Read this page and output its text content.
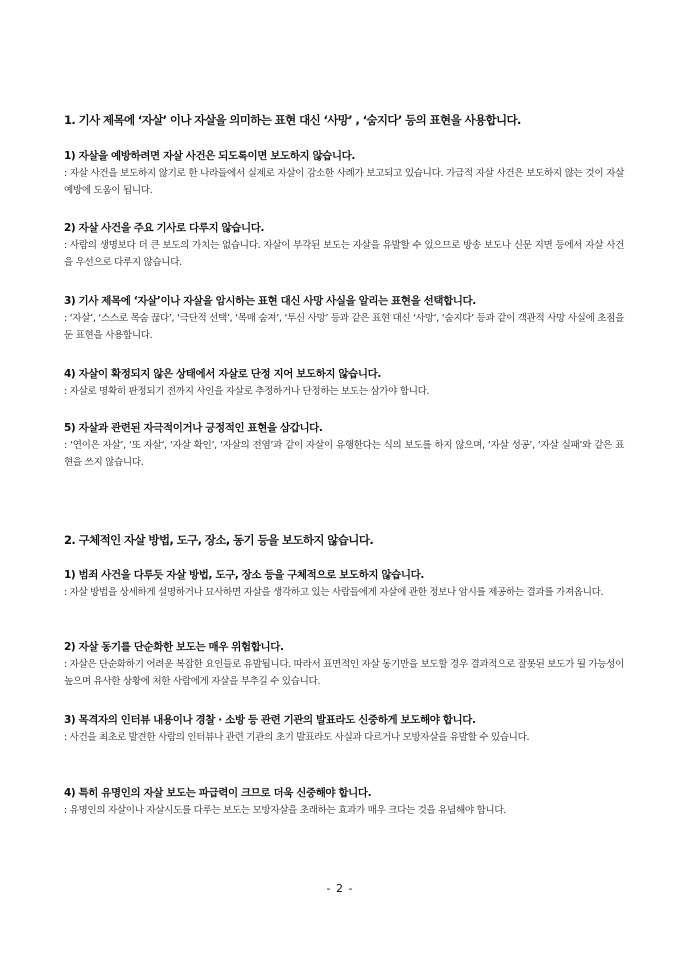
1. 기사 제목에 ‘자살’ 이나 자살을 의미하는 표현 대신 ‘사망’ , ‘숨지다’ 등의 표현을 사용합니다.
1) 자살을 예방하려면 자살 사건은 되도록이면 보도하지 않습니다.
: 자살 사건을 보도하지 않기로 한 나라들에서 실제로 자살이 감소한 사례가 보고되고 있습니다. 가급적 자살 사건은 보도하지 않는 것이 자살예방에 도움이 됩니다.
2) 자살 사건을 주요 기사로 다루지 않습니다.
: 사람의 생명보다 더 큰 보도의 가치는 없습니다. 자살이 부각된 보도는 자살을 유발할 수 있으므로 방송 보도나 신문 지면 등에서 자살 사건을 우선으로 다루지 않습니다.
3) 기사 제목에 ‘자살’이나 자살을 암시하는 표현 대신 사망 사실을 알리는 표현을 선택합니다.
: ‘자살’, ‘스스로 목숨 끊다’, ‘극단적 선택’, ‘목매 숨져’, ‘투신 사망’ 등과 같은 표현 대신 ‘사망’, ‘숨지다’ 등과 같이 객관적 사망 사실에 초점을 둔 표현을 사용합니다.
4) 자살이 확정되지 않은 상태에서 자살로 단정 지어 보도하지 않습니다.
: 자살로 명확히 판정되기 전까지 사인을 자살로 추정하거나 단정하는 보도는 삼가야 합니다.
5) 자살과 관련된 자극적이거나 긍정적인 표현을 삼갑니다.
: ‘연이은 자살’, ‘또 자살’, ‘자살 확인’, ‘자살의 전염’과 같이 자살이 유행한다는 식의 보도를 하지 않으며, ‘자살 성공’, ‘자살 실패’와 같은 표현을 쓰지 않습니다.
2. 구체적인 자살 방법, 도구, 장소, 동기 등을 보도하지 않습니다.
1) 범죄 사건을 다루듯 자살 방법, 도구, 장소 등을 구체적으로 보도하지 않습니다.
: 자살 방법을 상세하게 설명하거나 묘사하면 자살을 생각하고 있는 사람들에게 자살에 관한 정보나 암시를 제공하는 결과를 가져옵니다.
2) 자살 동기를 단순화한 보도는 매우 위험합니다.
: 자살은 단순화하기 어려운 복잡한 요인들로 유발됩니다. 따라서 표면적인 자살 동기만을 보도할 경우 결과적으로 잘못된 보도가 될 가능성이 높으며 유사한 상황에 처한 사람에게 자살을 부추길 수 있습니다.
3) 목격자의 인터뷰 내용이나 경찰 · 소방 등 관련 기관의 발표라도 신중하게 보도해야 합니다.
: 사건을 최초로 발견한 사람의 인터뷰나 관련 기관의 초기 발표라도 사실과 다르거나 모방자살을 유발할 수 있습니다.
4) 특히 유명인의 자살 보도는 파급력이 크므로 더욱 신중해야 합니다.
: 유명인의 자살이나 자살시도를 다루는 보도는 모방자살을 초래하는 효과가 매우 크다는 것을 유념해야 합니다.
- 2 -
